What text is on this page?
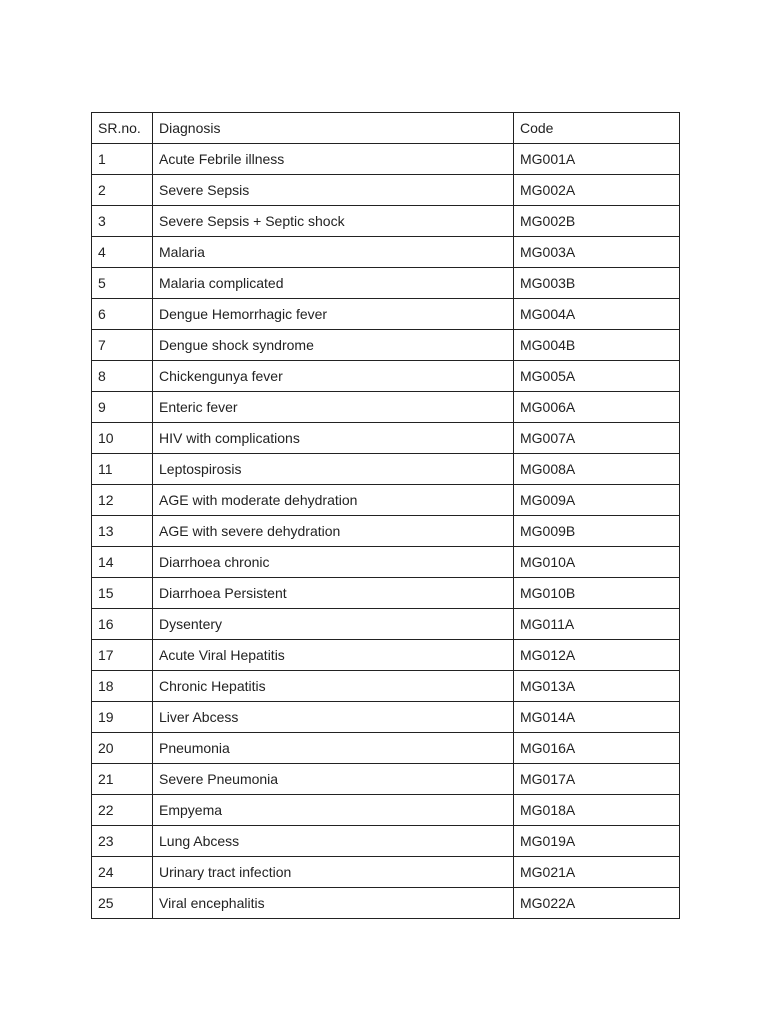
SR.no.	Diagnosis	Code
1	Acute Febrile illness	MG001A
2	Severe Sepsis	MG002A
3	Severe Sepsis + Septic shock	MG002B
4	Malaria	MG003A
5	Malaria complicated	MG003B
6	Dengue Hemorrhagic fever	MG004A
7	Dengue shock syndrome	MG004B
8	Chickengunya fever	MG005A
9	Enteric fever	MG006A
10	HIV with complications	MG007A
11	Leptospirosis	MG008A
12	AGE with moderate dehydration	MG009A
13	AGE with severe dehydration	MG009B
14	Diarrhoea chronic	MG010A
15	Diarrhoea Persistent	MG010B
16	Dysentery	MG011A
17	Acute Viral Hepatitis	MG012A
18	Chronic Hepatitis	MG013A
19	Liver Abcess	MG014A
20	Pneumonia	MG016A
21	Severe Pneumonia	MG017A
22	Empyema	MG018A
23	Lung Abcess	MG019A
24	Urinary tract infection	MG021A
25	Viral encephalitis	MG022A
